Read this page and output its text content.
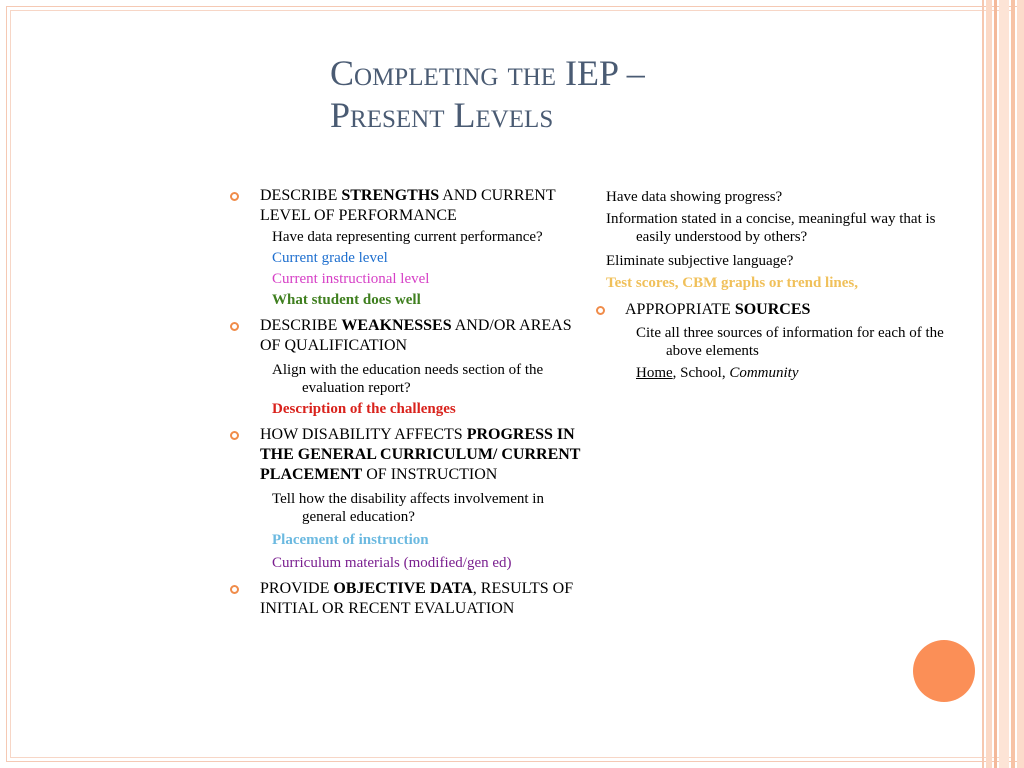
Completing the IEP –
Present Levels
DESCRIBE STRENGTHS AND CURRENT LEVEL OF PERFORMANCE
Have data representing current performance?
Current grade level
Current instructional level
What student does well
DESCRIBE WEAKNESSES AND/OR AREAS OF QUALIFICATION
Align with the education needs section of the evaluation report?
Description of the challenges
HOW DISABILITY AFFECTS PROGRESS IN THE GENERAL CURRICULUM/ CURRENT PLACEMENT OF INSTRUCTION
Tell how the disability affects involvement in general education?
Placement of instruction
Curriculum materials (modified/gen ed)
PROVIDE OBJECTIVE DATA, RESULTS OF INITIAL OR RECENT EVALUATION
Have data showing progress?
Information stated in a concise, meaningful way that is easily understood by others?
Eliminate subjective language?
Test scores, CBM graphs or trend lines,
APPROPRIATE SOURCES
Cite all three sources of information for each of the above elements
Home, School, Community
